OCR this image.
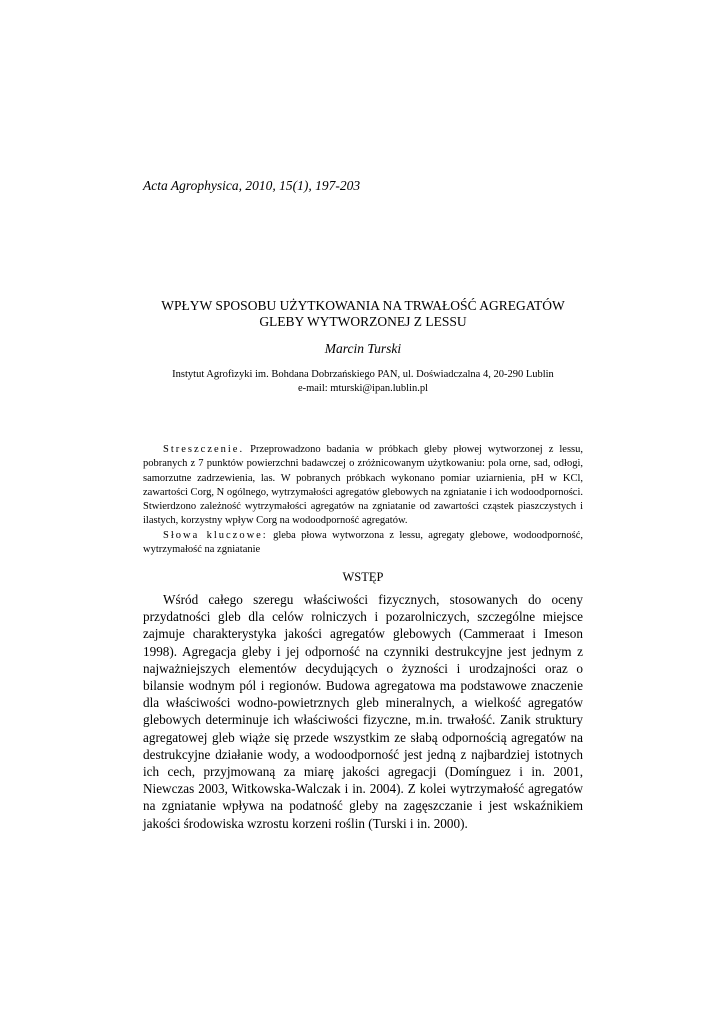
Acta Agrophysica, 2010, 15(1), 197-203
WPŁYW SPOSOBU UŻYTKOWANIA NA TRWAŁOŚĆ AGREGATÓW
GLEBY WYTWORZONEJ Z LESSU
Marcin Turski
Instytut Agrofizyki im. Bohdana Dobrzańskiego PAN, ul. Doświadczalna 4, 20-290 Lublin
e-mail: mturski@ipan.lublin.pl

Streszczenie. Przeprowadzono badania w próbkach gleby płowej wytworzonej z lessu, pobranych z 7 punktów powierzchni badawczej o zróżnicowanym użytkowaniu: pola orne, sad, odłogi, samorzutne zadrzewienia, las. W pobranych próbkach wykonano pomiar uziarnienia, pH w KCl, zawartości Corg, N ogólnego, wytrzymałości agregatów glebowych na zgniatanie i ich wodoodporności. Stwierdzono zależność wytrzymałości agregatów na zgniatanie od zawartości cząstek piaszczystych i ilastych, korzystny wpływ Corg na wodoodporność agregatów.

Słowa kluczowe: gleba płowa wytworzona z lessu, agregaty glebowe, wodoodporność, wytrzymałość na zgniatanie

WSTĘP

Wśród całego szeregu właściwości fizycznych, stosowanych do oceny przydatności gleb dla celów rolniczych i pozarolniczych, szczególne miejsce zajmuje charakterystyka jakości agregatów glebowych (Cammeraat i Imeson 1998). Agregacja gleby i jej odporność na czynniki destrukcyjne jest jednym z najważniejszych elementów decydujących o żyzności i urodzajności oraz o bilansie wodnym pól i regionów. Budowa agregatowa ma podstawowe znaczenie dla właściwości wodno-powietrznych gleb mineralnych, a wielkość agregatów glebowych determinuje ich właściwości fizyczne, m.in. trwałość. Zanik struktury agregatowej gleb wiąże się przede wszystkim ze słabą odpornością agregatów na destrukcyjne działanie wody, a wodoodporność jest jedną z najbardziej istotnych ich cech, przyjmowaną za miarę jakości agregacji (Domínguez i in. 2001, Niewczas 2003, Witkowska-Walczak i in. 2004). Z kolei wytrzymałość agregatów na zgniatanie wpływa na podatność gleby na zagęszczanie i jest wskaźnikiem jakości środowiska wzrostu korzeni roślin (Turski i in. 2000).
